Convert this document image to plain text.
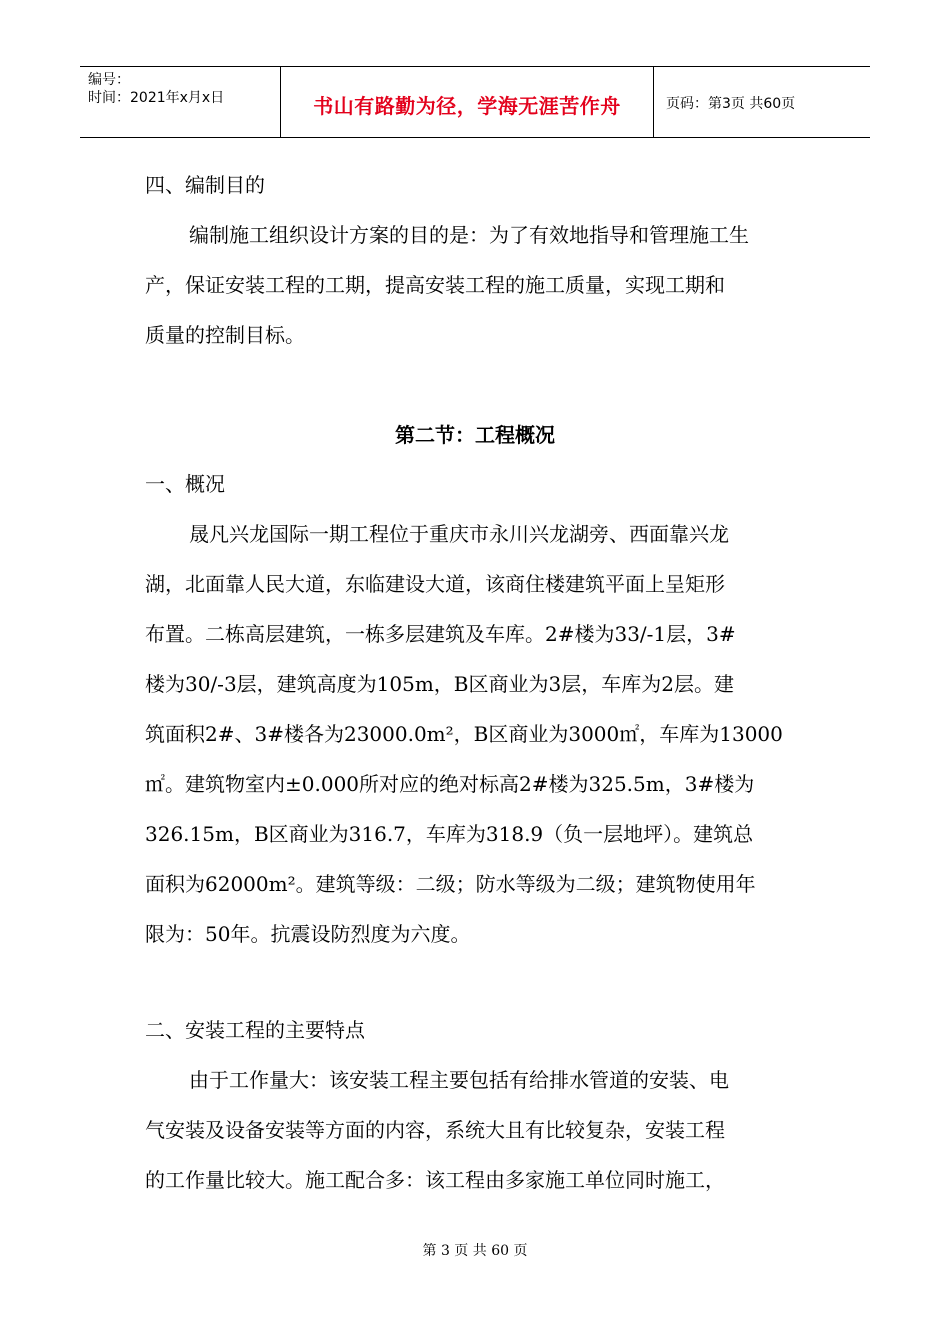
编号：
时间：2021年x月x日	书山有路勤为径，学海无涯苦作舟	页码：第3页 共60页
四、编制目的
编制施工组织设计方案的目的是：为了有效地指导和管理施工生
产，保证安装工程的工期，提高安装工程的施工质量，实现工期和
质量的控制目标。
第二节：工程概况
一、概况
晟凡兴龙国际一期工程位于重庆市永川兴龙湖旁、西面靠兴龙
湖，北面靠人民大道，东临建设大道，该商住楼建筑平面上呈矩形
布置。二栋高层建筑，一栋多层建筑及车库。2#楼为33/-1层，3#
楼为30/-3层，建筑高度为105m，B区商业为3层，车库为2层。建
筑面积2#、3#楼各为23000.0m²，B区商业为3000㎡，车库为13000
㎡。建筑物室内±0.000所对应的绝对标高2#楼为325.5m，3#楼为
326.15m，B区商业为316.7，车库为318.9（负一层地坪）。建筑总
面积为62000m²。建筑等级：二级；防水等级为二级；建筑物使用年
限为：50年。抗震设防烈度为六度。
二、安装工程的主要特点
由于工作量大：该安装工程主要包括有给排水管道的安装、电
气安装及设备安装等方面的内容，系统大且有比较复杂，安装工程
的工作量比较大。施工配合多：该工程由多家施工单位同时施工，
第 3 页 共 60 页
